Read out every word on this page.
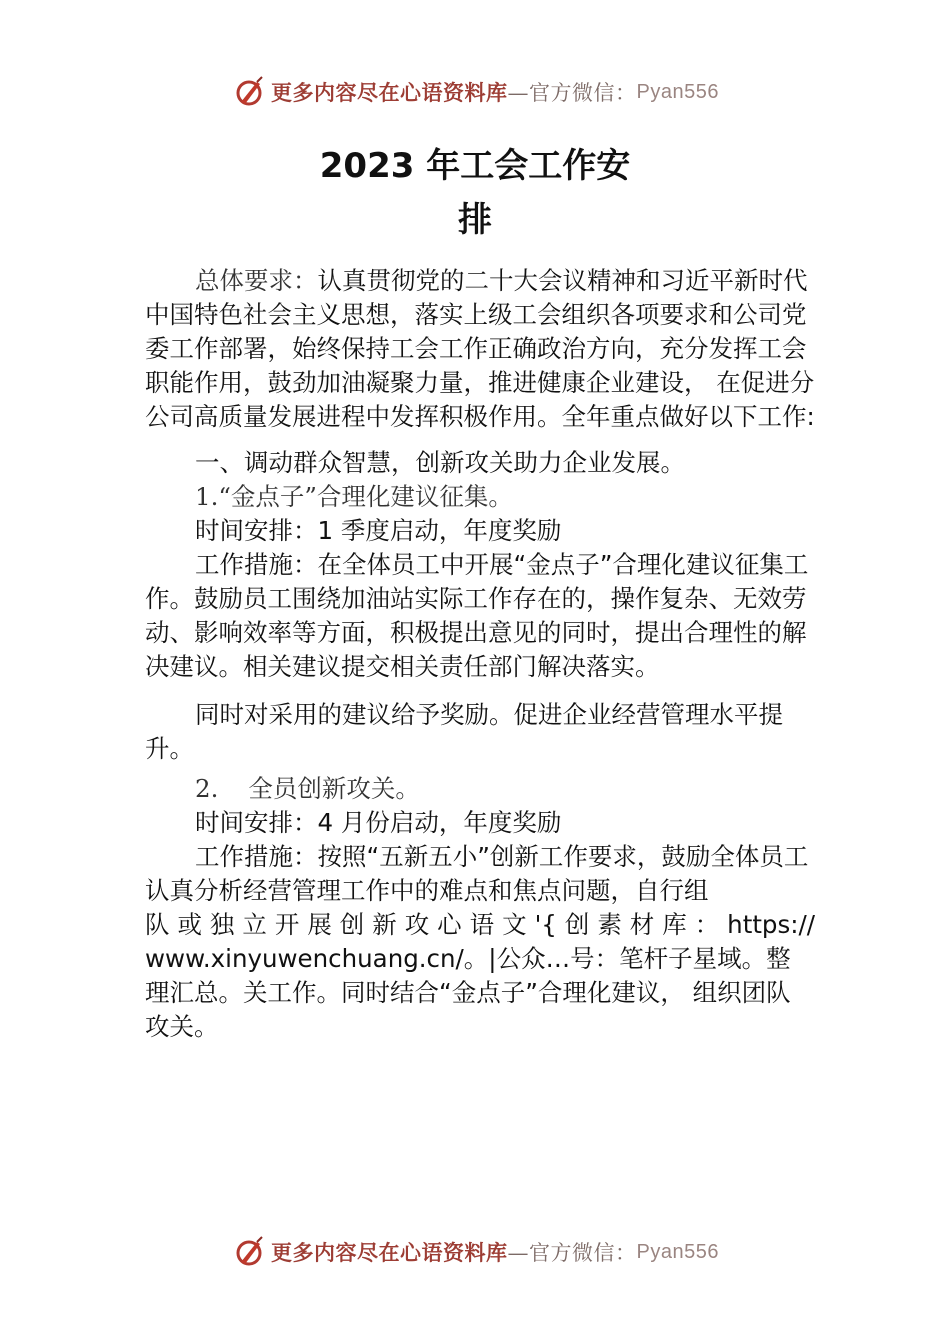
更多内容尽在心语资料库 —官方微信： Pyan556
2023 年工会工作安
排

总体要求：认真贯彻党的二十大会议精神和习近平新时代中国特色社会主义思想，落实上级工会组织各项要求和公司党委工作部署，始终保持工会工作正确政治方向，充分发挥工会职能作用，鼓劲加油凝聚力量，推进健康企业建设， 在促进分公司高质量发展进程中发挥积极作用。全年重点做好以下工作:

一、调动群众智慧，创新攻关助力企业发展。

1.“金点子”合理化建议征集。

时间安排：1 季度启动，年度奖励

工作措施：在全体员工中开展“金点子”合理化建议征集工作。鼓励员工围绕加油站实际工作存在的，操作复杂、无效劳动、影响效率等方面，积极提出意见的同时，提出合理性的解决建议。相关建议提交相关责任部门解决落实。

同时对采用的建议给予奖励。促进企业经营管理水平提升。

2. 全员创新攻关。

时间安排：4 月份启动，年度奖励

工作措施：按照“五新五小”创新工作要求，鼓励全体员工认真分析经营管理工作中的难点和焦点问题，自行组

队或独立开展创新攻心语文'{创素材库：https://

www.xinyuwenchuang.cn/。|公众…号：笔杆子星域。整理汇总。关工作。同时结合“金点子”合理化建议， 组织团队攻关。

更多内容尽在心语资料库 —官方微信： Pyan556
